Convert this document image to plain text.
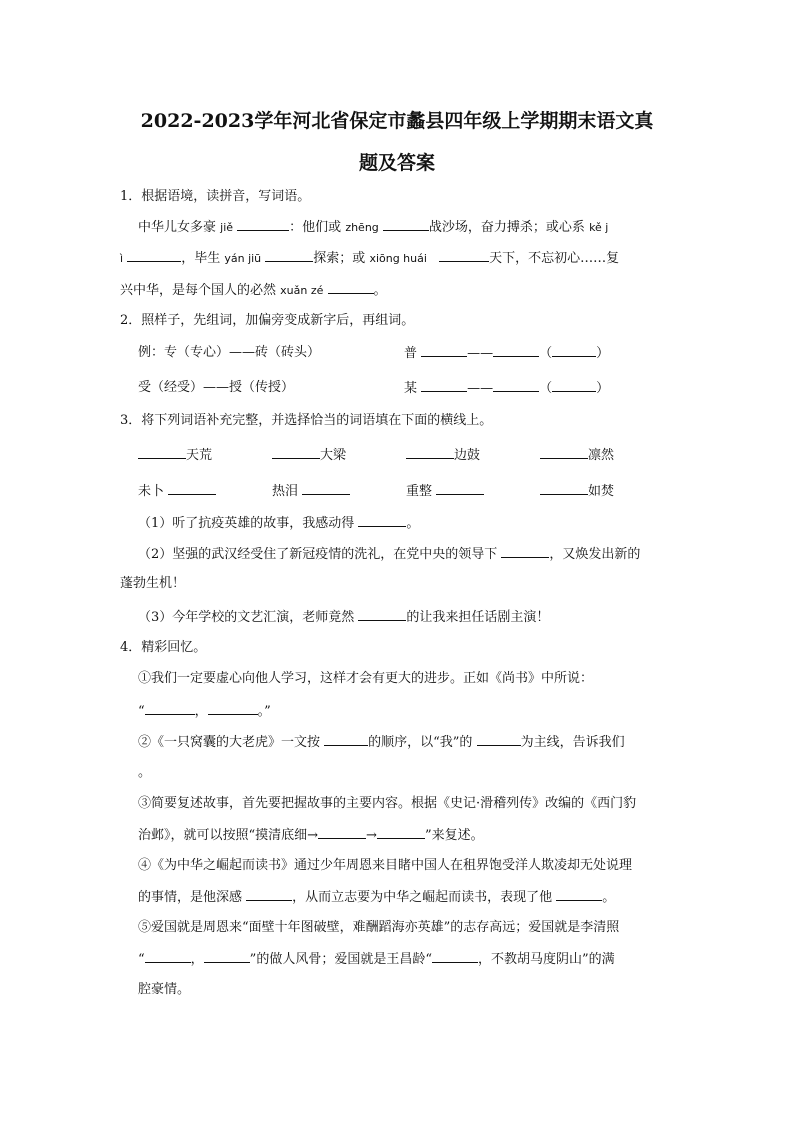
2022-2023学年河北省保定市蠡县四年级上学期期末语文真
题及答案
1．根据语境，读拼音，写词语。
中华儿女多豪 jiě	：他们或 zhēng	战沙场，奋力搏杀；或心系 kě j
ì	，毕生 yán jiū	探索；或 xiōng huái	天下，不忘初心……复
兴中华，是每个国人的必然 xuǎn zé	。
2．照样子，先组词，加偏旁变成新字后，再组词。
例：专（专心）——砖（砖头）	普	——	（	）
受（经受）——授（传授）	某	——	（	）
3．将下列词语补充完整，并选择恰当的词语填在下面的横线上。
天荒	大梁	边鼓	凛然
未卜	热泪	重整	如焚
（1）听了抗疫英雄的故事，我感动得	。
（2）坚强的武汉经受住了新冠疫情的洗礼，在党中央的领导下	，又焕发出新的
蓬勃生机！
（3）今年学校的文艺汇演，老师竟然	的让我来担任话剧主演！
4．精彩回忆。
①我们一定要虚心向他人学习，这样才会有更大的进步。正如《尚书》中所说：
“	，	。”
②《一只窝囊的大老虎》一文按	的顺序，以“我”的	为主线，告诉我们
。
③简要复述故事，首先要把握故事的主要内容。根据《史记·滑稽列传》改编的《西门豹
治邺》，就可以按照“摸清底细→	→	”来复述。
④《为中华之崛起而读书》通过少年周恩来目睹中国人在租界饱受洋人欺凌却无处说理
的事情，是他深感	，从而立志要为中华之崛起而读书，表现了他	。
⑤爱国就是周恩来“面壁十年图破壁，难酬蹈海亦英雄”的志存高远；爱国就是李清照
“	，	”的做人风骨；爱国就是王昌龄“	，不教胡马度阴山”的满
腔豪情。
